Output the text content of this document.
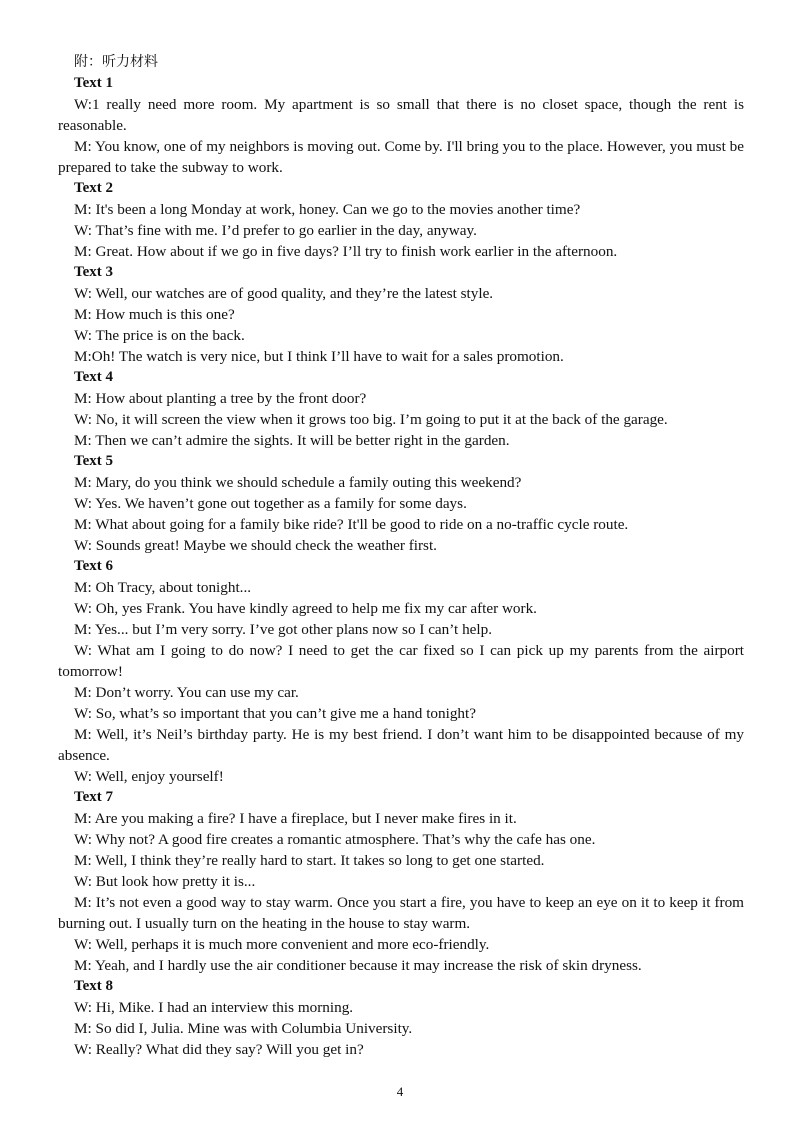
附：听力材料
Text 1
W:1 really need more room. My apartment is so small that there is no closet space, though the rent is reasonable.
M: You know, one of my neighbors is moving out. Come by. I'll bring you to the place. However, you must be prepared to take the subway to work.
Text 2
M: It's been a long Monday at work, honey. Can we go to the movies another time?
W: That’s fine with me. I’d prefer to go earlier in the day, anyway.
M: Great. How about if we go in five days? I’ll try to finish work earlier in the afternoon.
Text 3
W: Well, our watches are of good quality, and they’re the latest style.
M: How much is this one?
W: The price is on the back.
M:Oh! The watch is very nice, but I think I’ll have to wait for a sales promotion.
Text 4
M: How about planting a tree by the front door?
W: No, it will screen the view when it grows too big. I’m going to put it at the back of the garage.
M: Then we can’t admire the sights. It will be better right in the garden.
Text 5
M: Mary, do you think we should schedule a family outing this weekend?
W: Yes. We haven’t gone out together as a family for some days.
M: What about going for a family bike ride? It'll be good to ride on a no-traffic cycle route.
W: Sounds great! Maybe we should check the weather first.
Text 6
M: Oh Tracy, about tonight...
W: Oh, yes Frank. You have kindly agreed to help me fix my car after work.
M: Yes... but I’m very sorry. I’ve got other plans now so I can’t help.
W: What am I going to do now? I need to get the car fixed so I can pick up my parents from the airport tomorrow!
M: Don’t worry. You can use my car.
W: So, what’s so important that you can’t give me a hand tonight?
M: Well, it’s Neil’s birthday party. He is my best friend. I don’t want him to be disappointed because of my absence.
W: Well, enjoy yourself!
Text 7
M: Are you making a fire? I have a fireplace, but I never make fires in it.
W: Why not? A good fire creates a romantic atmosphere. That’s why the cafe has one.
M: Well, I think they’re really hard to start. It takes so long to get one started.
W: But look how pretty it is...
M: It’s not even a good way to stay warm. Once you start a fire, you have to keep an eye on it to keep it from burning out. I usually turn on the heating in the house to stay warm.
W: Well, perhaps it is much more convenient and more eco-friendly.
M: Yeah, and I hardly use the air conditioner because it may increase the risk of skin dryness.
Text 8
W: Hi, Mike. I had an interview this morning.
M: So did I, Julia. Mine was with Columbia University.
W: Really? What did they say? Will you get in?
4
